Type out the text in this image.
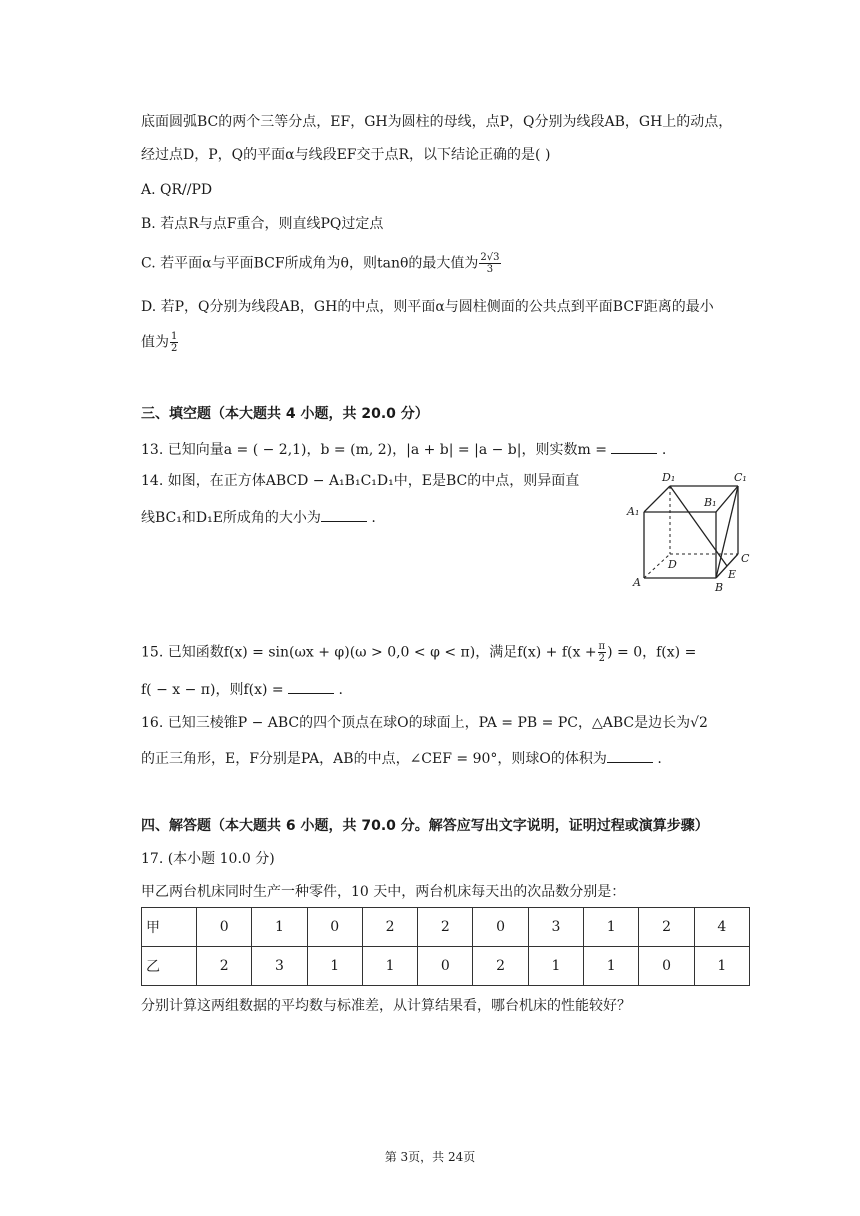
底面圆弧BC的两个三等分点，EF，GH为圆柱的母线，点P，Q分别为线段AB，GH上的动点，
经过点D，P，Q的平面α与线段EF交于点R，以下结论正确的是( )
A. QR//PD
B. 若点R与点F重合，则直线PQ过定点
C. 若平面α与平面BCF所成角为θ，则tanθ的最大值为 $\frac{2√3}{3}$
D. 若P，Q分别为线段AB，GH的中点，则平面α与圆柱侧面的公共点到平面BCF距离的最小
值为 $\frac{1}{2}$
三、填空题（本大题共 4 小题，共 20.0 分）
13. 已知向量a = ( − 2,1)，b = (m, 2)，|a + b| = |a − b|，则实数m =	.
14. 如图，在正方体ABCD − A₁B₁C₁D₁中，E是BC的中点，则异面直
线BC₁和D₁E所成角的大小为	.
D₁	C₁
B₁
A₁
D	C
A	B
E
15. 已知函数f(x) = sin(ωx + φ)(ω > 0,0 < φ < π)，满足$f(x) + f(x + \frac{\pi}{2}$ ) = 0，f(x) =
f( − x − π)，则f(x) =	.
16. 已知三棱锥P − ABC的四个顶点在球O的球面上，PA = PB = PC，△ABC是边长为√2
的正三角形，E，F分别是PA，AB的中点，∠CEF = 90°，则球O的体积为	.
四、解答题（本大题共 6 小题，共 70.0 分。解答应写出文字说明，证明过程或演算步骤）
17. (本小题 10.0 分)
甲乙两台机床同时生产一种零件，10 天中，两台机床每天出的次品数分别是：
甲	0	1	0	2	2	0	3	1	2	4
乙	2	3	1	1	0	2	1	1	0	1
分别计算这两组数据的平均数与标准差，从计算结果看，哪台机床的性能较好？
第 3页，共 24页
